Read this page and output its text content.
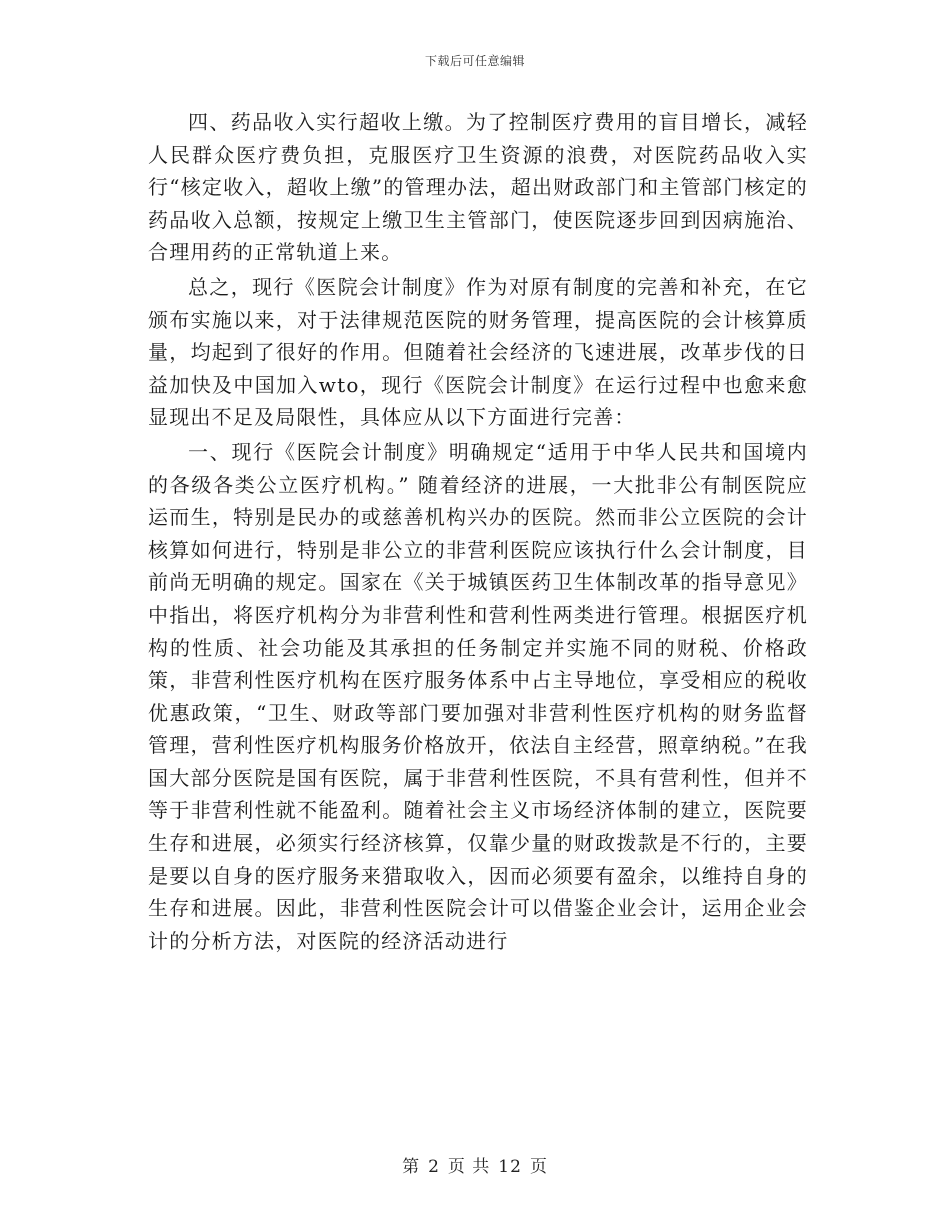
下载后可任意编辑

四、药品收入实行超收上缴。为了控制医疗费用的盲目增长，减轻人民群众医疗费负担，克服医疗卫生资源的浪费，对医院药品收入实行“核定收入，超收上缴”的管理办法，超出财政部门和主管部门核定的药品收入总额，按规定上缴卫生主管部门，使医院逐步回到因病施治、合理用药的正常轨道上来。

总之，现行《医院会计制度》作为对原有制度的完善和补充，在它颁布实施以来，对于法律规范医院的财务管理，提高医院的会计核算质量，均起到了很好的作用。但随着社会经济的飞速进展，改革步伐的日益加快及中国加入wto，现行《医院会计制度》在运行过程中也愈来愈显现出不足及局限性，具体应从以下方面进行完善：

一、现行《医院会计制度》明确规定“适用于中华人民共和国境内的各级各类公立医疗机构。” 随着经济的进展，一大批非公有制医院应运而生，特别是民办的或慈善机构兴办的医院。然而非公立医院的会计核算如何进行，特别是非公立的非营利医院应该执行什么会计制度，目前尚无明确的规定。国家在《关于城镇医药卫生体制改革的指导意见》中指出，将医疗机构分为非营利性和营利性两类进行管理。根据医疗机构的性质、社会功能及其承担的任务制定并实施不同的财税、价格政策，非营利性医疗机构在医疗服务体系中占主导地位，享受相应的税收优惠政策，“卫生、财政等部门要加强对非营利性医疗机构的财务监督管理，营利性医疗机构服务价格放开，依法自主经营，照章纳税。”在我国大部分医院是国有医院，属于非营利性医院，不具有营利性，但并不等于非营利性就不能盈利。随着社会主义市场经济体制的建立，医院要生存和进展，必须实行经济核算，仅靠少量的财政拨款是不行的，主要是要以自身的医疗服务来猎取收入，因而必须要有盈余，以维持自身的生存和进展。因此，非营利性医院会计可以借鉴企业会计，运用企业会计的分析方法，对医院的经济活动进行

第 2 页 共 12 页
